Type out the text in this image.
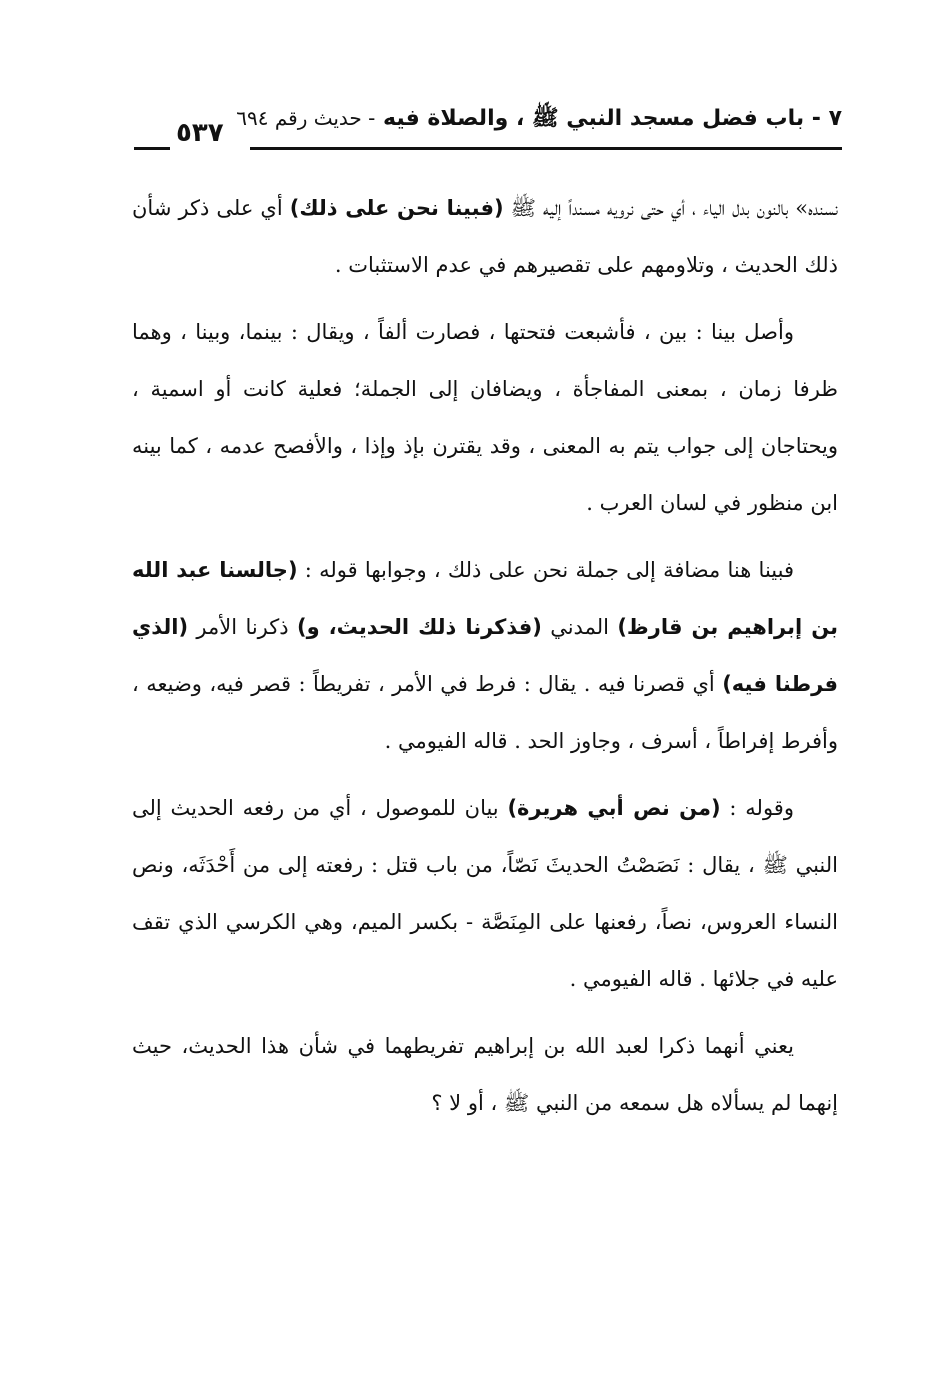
٧ - باب فضل مسجد النبي ﷺ ، والصلاة فيه - حديث رقم ٦٩٤
٥٣٧

نسنده» بالنون بدل الياء ، أي حتى نرويه مسنداً إليه ﷺ (فبينا نحن على ذلك) أي على ذكر شأن ذلك الحديث ، وتلاومهم على تقصيرهم في عدم الاستثبات .

وأصل بينا : بين ، فأشبعت فتحتها ، فصارت ألفاً ، ويقال : بينما، وبينا ، وهما ظرفا زمان ، بمعنى المفاجأة ، ويضافان إلى الجملة؛ فعلية كانت أو اسمية ، ويحتاجان إلى جواب يتم به المعنى ، وقد يقترن بإذ وإذا ، والأفصح عدمه ، كما بينه ابن منظور في لسان العرب .

فبينا هنا مضافة إلى جملة نحن على ذلك ، وجوابها قوله : (جالسنا عبد الله بن إبراهيم بن قارظ) المدني (فذكرنا ذلك الحديث، و) ذكرنا الأمر (الذي فرطنا فيه) أي قصرنا فيه . يقال : فرط في الأمر ، تفريطاً : قصر فيه، وضيعه ، وأفرط إفراطاً ، أسرف ، وجاوز الحد . قاله الفيومي .

وقوله : (من نص أبي هريرة) بيان للموصول ، أي من رفعه الحديث إلى النبي ﷺ ، يقال : نَصَصْتُ الحديثَ نَصّاً، من باب قتل : رفعته إلى من أَحْدَثَه، ونص النساء العروس، نصاً، رفعنها على المِنَصَّة - بكسر الميم، وهي الكرسي الذي تقف عليه في جلائها . قاله الفيومي .

يعني أنهما ذكرا لعبد الله بن إبراهيم تفريطهما في شأن هذا الحديث، حيث إنهما لم يسألاه هل سمعه من النبي ﷺ ، أو لا ؟
